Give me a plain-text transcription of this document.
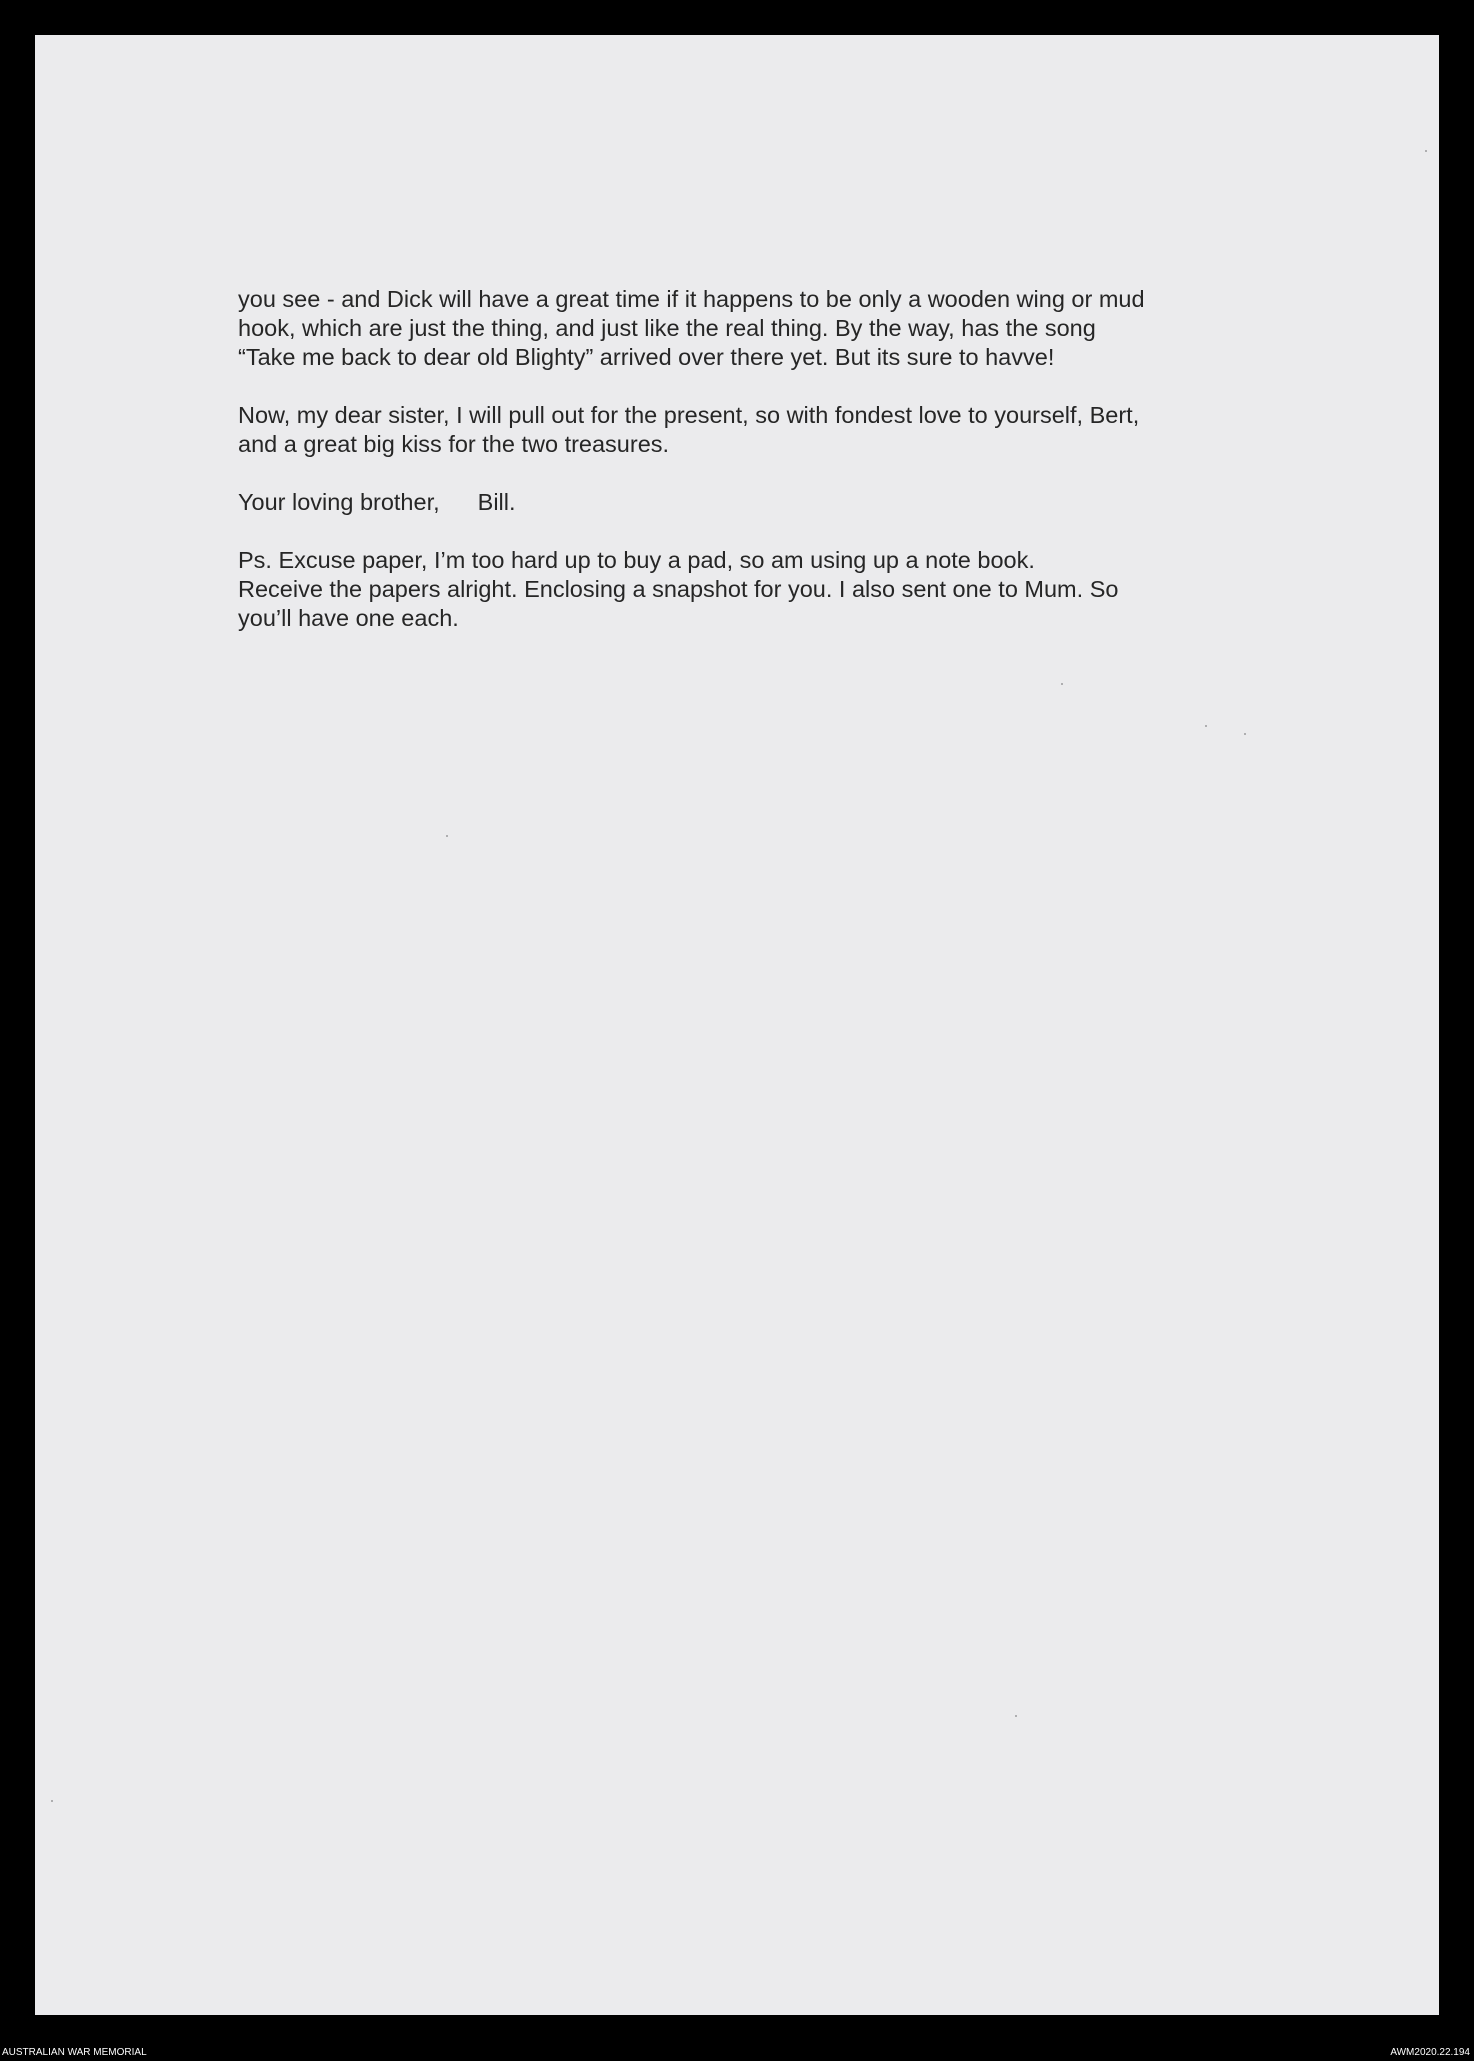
you see - and Dick will have a great time if it happens to be only a wooden wing or mud
hook, which are just the thing, and just like the real thing. By the way, has the song
“Take me back to dear old Blighty” arrived over there yet. But its sure to havve!

Now, my dear sister, I will pull out for the present, so with fondest love to yourself, Bert,
and a great big kiss for the two treasures.

Your loving brother, Bill.

Ps. Excuse paper, I’m too hard up to buy a pad, so am using up a note book.
Receive the papers alright. Enclosing a snapshot for you. I also sent one to Mum. So
you’ll have one each.

AUSTRALIAN WAR MEMORIAL	AWM2020.22.194
